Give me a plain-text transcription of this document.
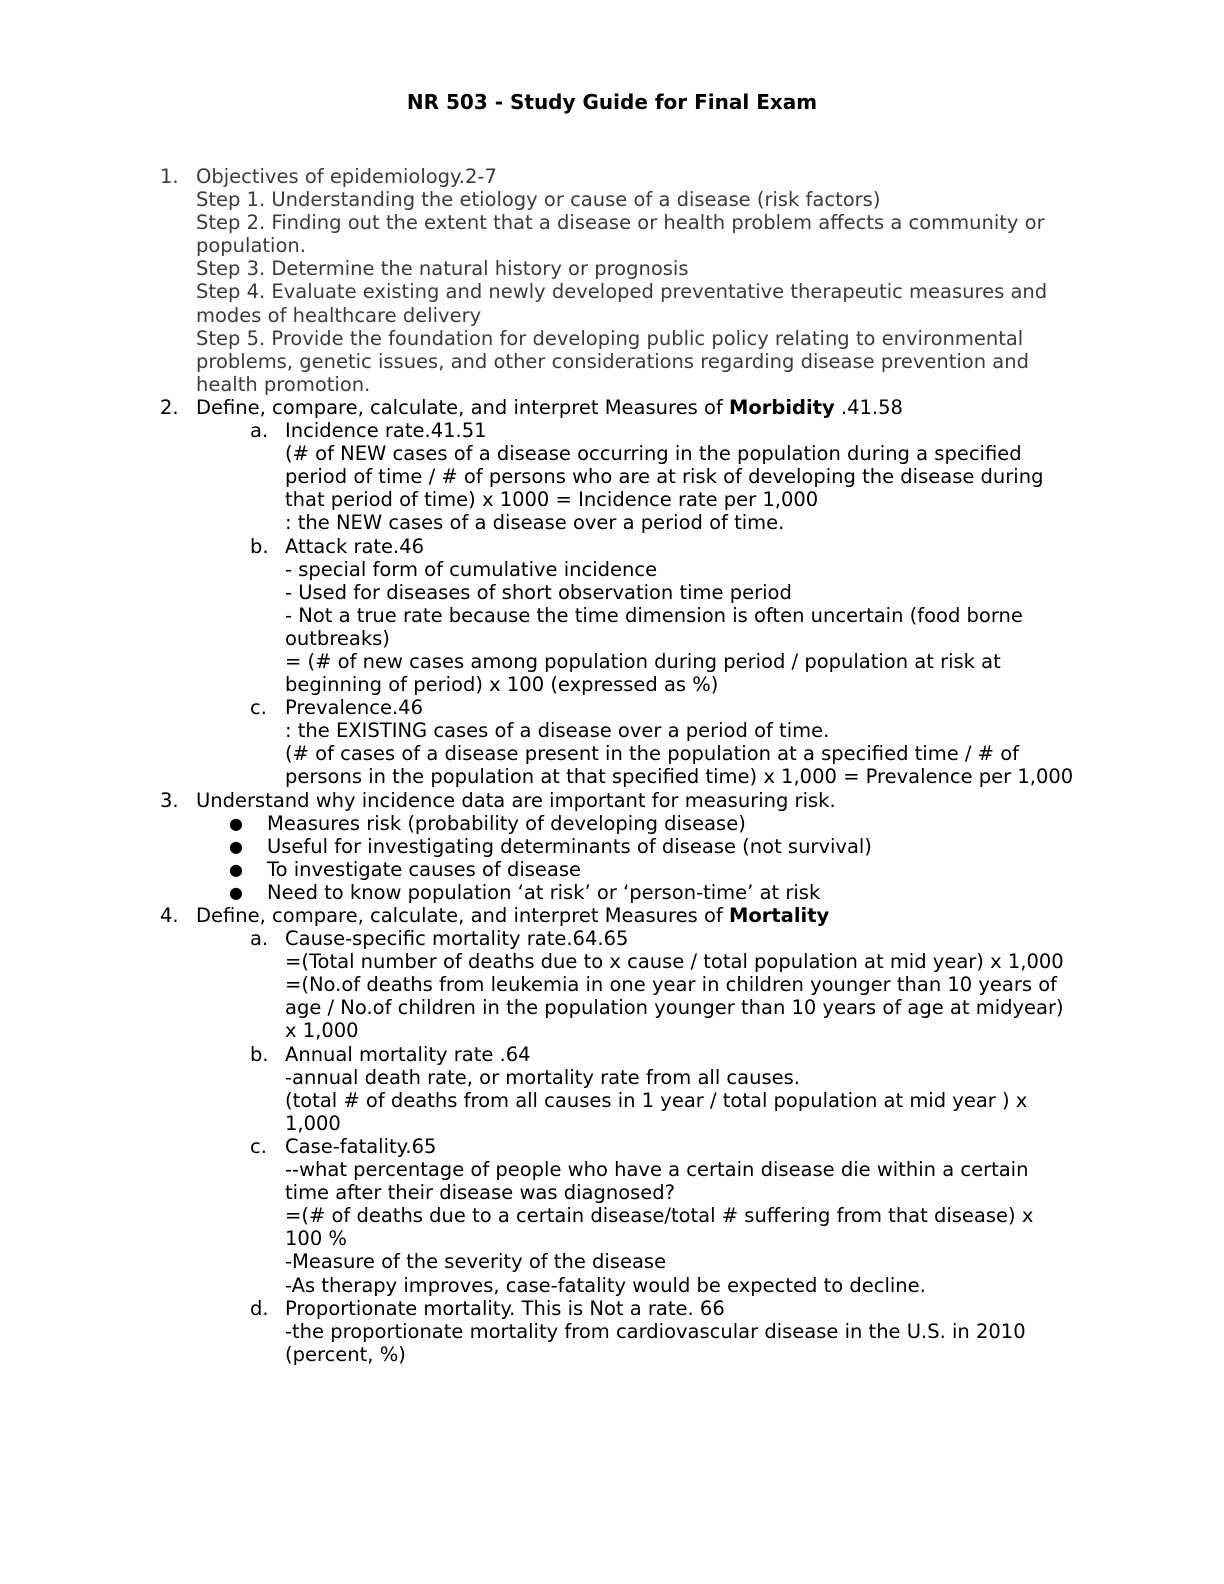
NR 503 - Study Guide for Final Exam
1. Objectives of epidemiology.2-7
Step 1. Understanding the etiology or cause of a disease (risk factors)
Step 2. Finding out the extent that a disease or health problem affects a community or population.
Step 3. Determine the natural history or prognosis
Step 4. Evaluate existing and newly developed preventative therapeutic measures and modes of healthcare delivery
Step 5. Provide the foundation for developing public policy relating to environmental problems, genetic issues, and other considerations regarding disease prevention and health promotion.
2. Define, compare, calculate, and interpret Measures of Morbidity .41.58
a. Incidence rate.41.51
(# of NEW cases of a disease occurring in the population during a specified period of time / # of persons who are at risk of developing the disease during that period of time) x 1000 = Incidence rate per 1,000
: the NEW cases of a disease over a period of time.
b. Attack rate.46
- special form of cumulative incidence
- Used for diseases of short observation time period
- Not a true rate because the time dimension is often uncertain (food borne outbreaks)
= (# of new cases among population during period / population at risk at beginning of period) x 100 (expressed as %)
c. Prevalence.46
: the EXISTING cases of a disease over a period of time.
(# of cases of a disease present in the population at a specified time / # of persons in the population at that specified time) x 1,000 = Prevalence per 1,000
3. Understand why incidence data are important for measuring risk.
● Measures risk (probability of developing disease)
● Useful for investigating determinants of disease (not survival)
● To investigate causes of disease
● Need to know population ‘at risk’ or ‘person-time’ at risk
4. Define, compare, calculate, and interpret Measures of Mortality
a. Cause-specific mortality rate.64.65
=(Total number of deaths due to x cause / total population at mid year) x 1,000
=(No.of deaths from leukemia in one year in children younger than 10 years of age / No.of children in the population younger than 10 years of age at midyear) x 1,000
b. Annual mortality rate .64
-annual death rate, or mortality rate from all causes.
(total # of deaths from all causes in 1 year / total population at mid year ) x 1,000
c. Case-fatality.65
--what percentage of people who have a certain disease die within a certain time after their disease was diagnosed?
=(# of deaths due to a certain disease/total # suffering from that disease) x 100 %
-Measure of the severity of the disease
-As therapy improves, case-fatality would be expected to decline.
d. Proportionate mortality. This is Not a rate. 66
-the proportionate mortality from cardiovascular disease in the U.S. in 2010 (percent, %)
